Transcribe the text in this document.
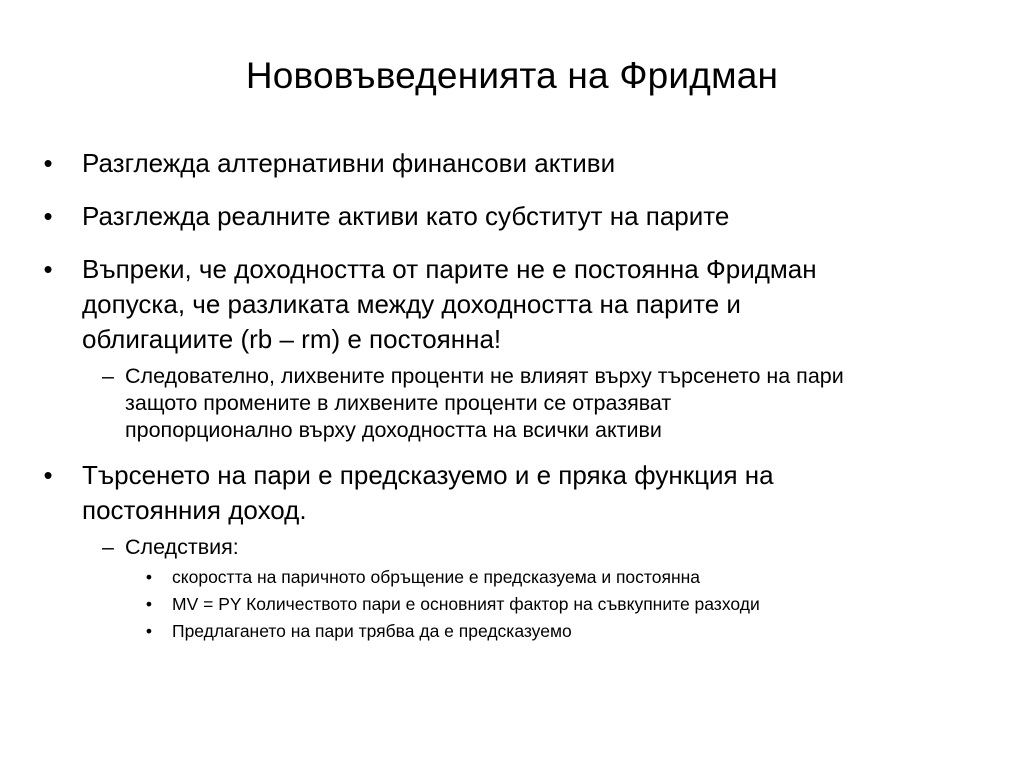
Нововъведенията на Фридман
• Разглежда алтернативни финансови активи
• Разглежда реалните активи като субститут на парите
• Въпреки, че доходността от парите не е постоянна Фридман
допуска, че разликата между доходността на парите и
облигациите (rb – rm) е постоянна!
– Следователно, лихвените проценти не влияят върху търсенето на пари
защото промените в лихвените проценти се отразяват
пропорционално върху доходността на всички активи
• Търсенето на пари е предсказуемо и е пряка функция на
постоянния доход.
– Следствия:
• скоростта на паричното обръщение е предсказуема и постоянна
• MV = PY Количеството пари е основният фактор на съвкупните разходи
• Предлагането на пари трябва да е предсказуемо
